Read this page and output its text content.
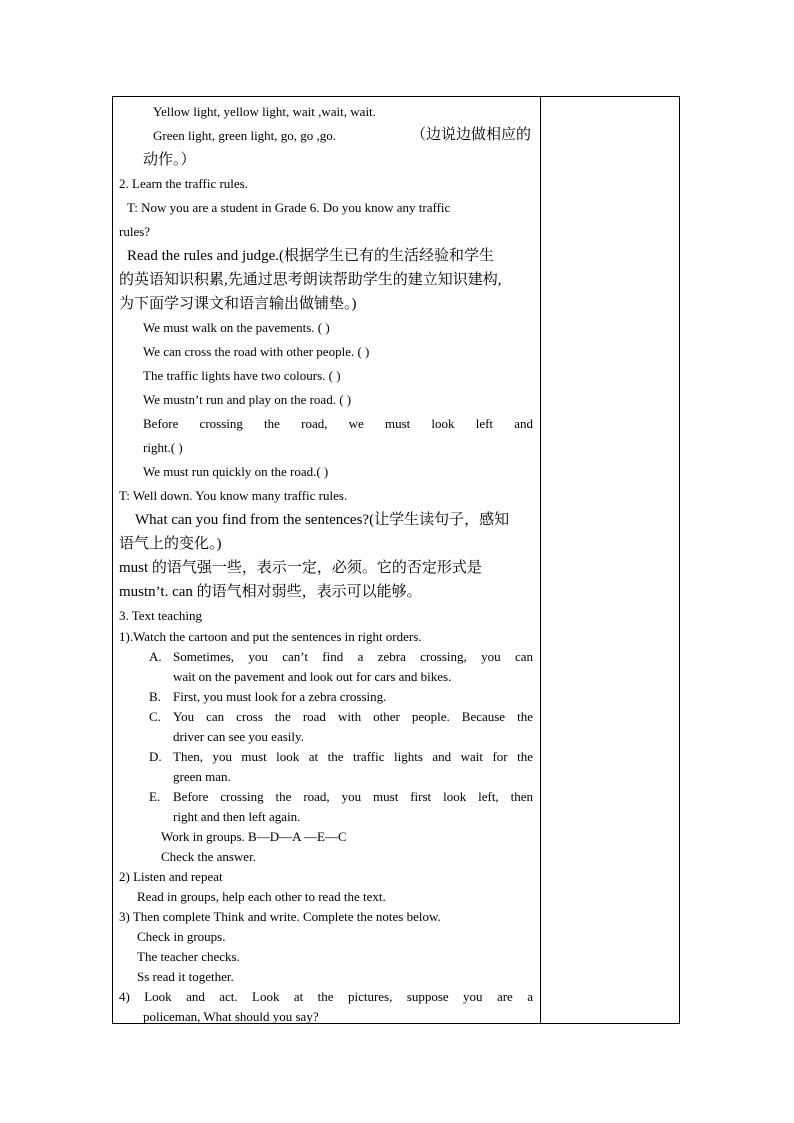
Yellow light, yellow light, wait ,wait, wait.
Green light, green light, go, go ,go.	（边说边做相应的
动作。）
2. Learn the traffic rules.
T: Now you are a student in Grade 6. Do you know any traffic
rules?
Read the rules and judge.(根据学生已有的生活经验和学生
的英语知识积累,先通过思考朗读帮助学生的建立知识建构,
为下面学习课文和语言输出做铺垫。)
We must walk on the pavements. ( )
We can cross the road with other people. ( )
The traffic lights have two colours. ( )
We mustn’t run and play on the road. ( )
Before crossing the road, we must look left and
right.( )
We must run quickly on the road.( )
T: Well down. You know many traffic rules.
What can you find from the sentences?(让学生读句子，感知
语气上的变化。)
must 的语气强一些，表示一定，必须。它的否定形式是
mustn’t. can 的语气相对弱些，表示可以能够。
3. Text teaching
1).Watch the cartoon and put the sentences in right orders.
A. Sometimes, you can’t find a zebra crossing, you can
wait on the pavement and look out for cars and bikes.
B. First, you must look for a zebra crossing.
C. You can cross the road with other people. Because the
driver can see you easily.
D. Then, you must look at the traffic lights and wait for the
green man.
E. Before crossing the road, you must first look left, then
right and then left again.
Work in groups. B—D—A —E—C
Check the answer.
2) Listen and repeat
Read in groups, help each other to read the text.
3) Then complete Think and write. Complete the notes below.
Check in groups.
The teacher checks.
Ss read it together.
4) Look and act. Look at the pictures, suppose you are a
policeman, What should you say?
